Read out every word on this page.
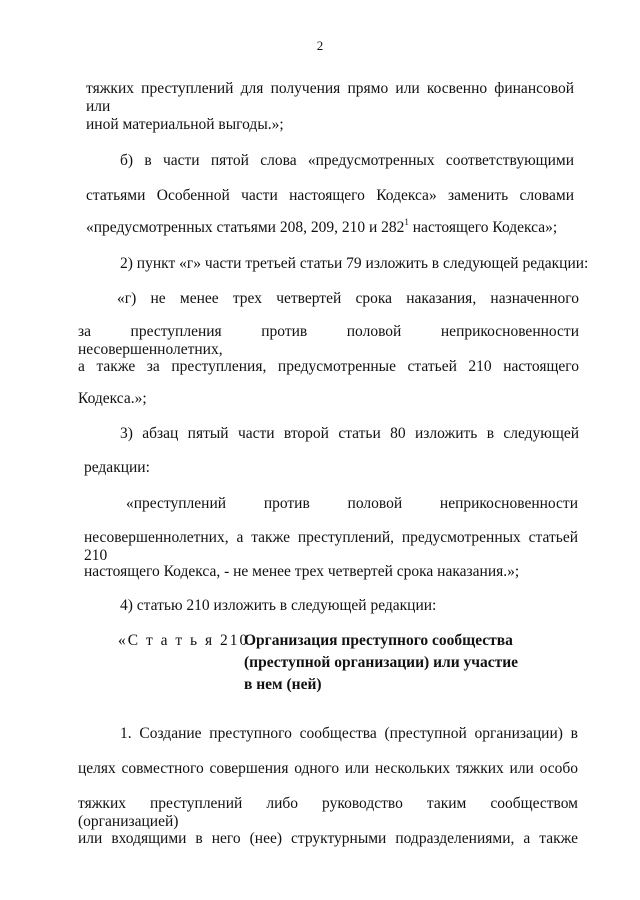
2
тяжких преступлений для получения прямо или косвенно финансовой или
иной материальной выгоды.»;
б) в части пятой слова «предусмотренных соответствующими
статьями Особенной части настоящего Кодекса» заменить словами
«предусмотренных статьями 208, 209, 210 и $282^1$ настоящего Кодекса»;
2) пункт «г» части третьей статьи 79 изложить в следующей редакции:
«г) не менее трех четвертей срока наказания, назначенного
за преступления против половой неприкосновенности несовершеннолетних,
а также за преступления, предусмотренные статьей 210 настоящего
Кодекса.»;
3) абзац пятый части второй статьи 80 изложить в следующей
редакции:
«преступлений против половой неприкосновенности
несовершеннолетних, а также преступлений, предусмотренных статьей 210
настоящего Кодекса, - не менее трех четвертей срока наказания.»;
4) статью 210 изложить в следующей редакции:
«С т а т ь я 210.
Организация преступного сообщества
(преступной организации) или участие
в нем (ней)
1. Создание преступного сообщества (преступной организации) в
целях совместного совершения одного или нескольких тяжких или особо
тяжких преступлений либо руководство таким сообществом (организацией)
или входящими в него (нее) структурными подразделениями, а также
